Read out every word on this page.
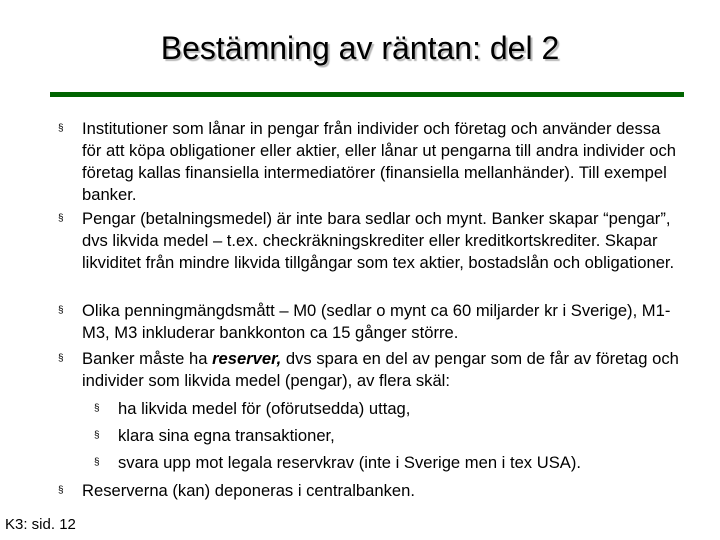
Bestämning av räntan: del 2
§ Institutioner som lånar in pengar från individer och företag och använder dessa för att köpa obligationer eller aktier, eller lånar ut pengarna till andra individer och företag kallas finansiella intermediatörer (finansiella mellanhänder). Till exempel banker.
§ Pengar (betalningsmedel) är inte bara sedlar och mynt. Banker skapar “pengar”, dvs likvida medel – t.ex. checkräkningskrediter eller kreditkortskrediter. Skapar likviditet från mindre likvida tillgångar som tex aktier, bostadslån och obligationer.
§ Olika penningmängdsmått – M0 (sedlar o mynt ca 60 miljarder kr i Sverige), M1-M3, M3 inkluderar bankkonton ca 15 gånger större.
§ Banker måste ha reserver, dvs spara en del av pengar som de får av företag och individer som likvida medel (pengar), av flera skäl:
§ ha likvida medel för (oförutsedda) uttag,
§ klara sina egna transaktioner,
§ svara upp mot legala reservkrav (inte i Sverige men i tex USA).
§ Reserverna (kan) deponeras i centralbanken.
K3: sid. 12
